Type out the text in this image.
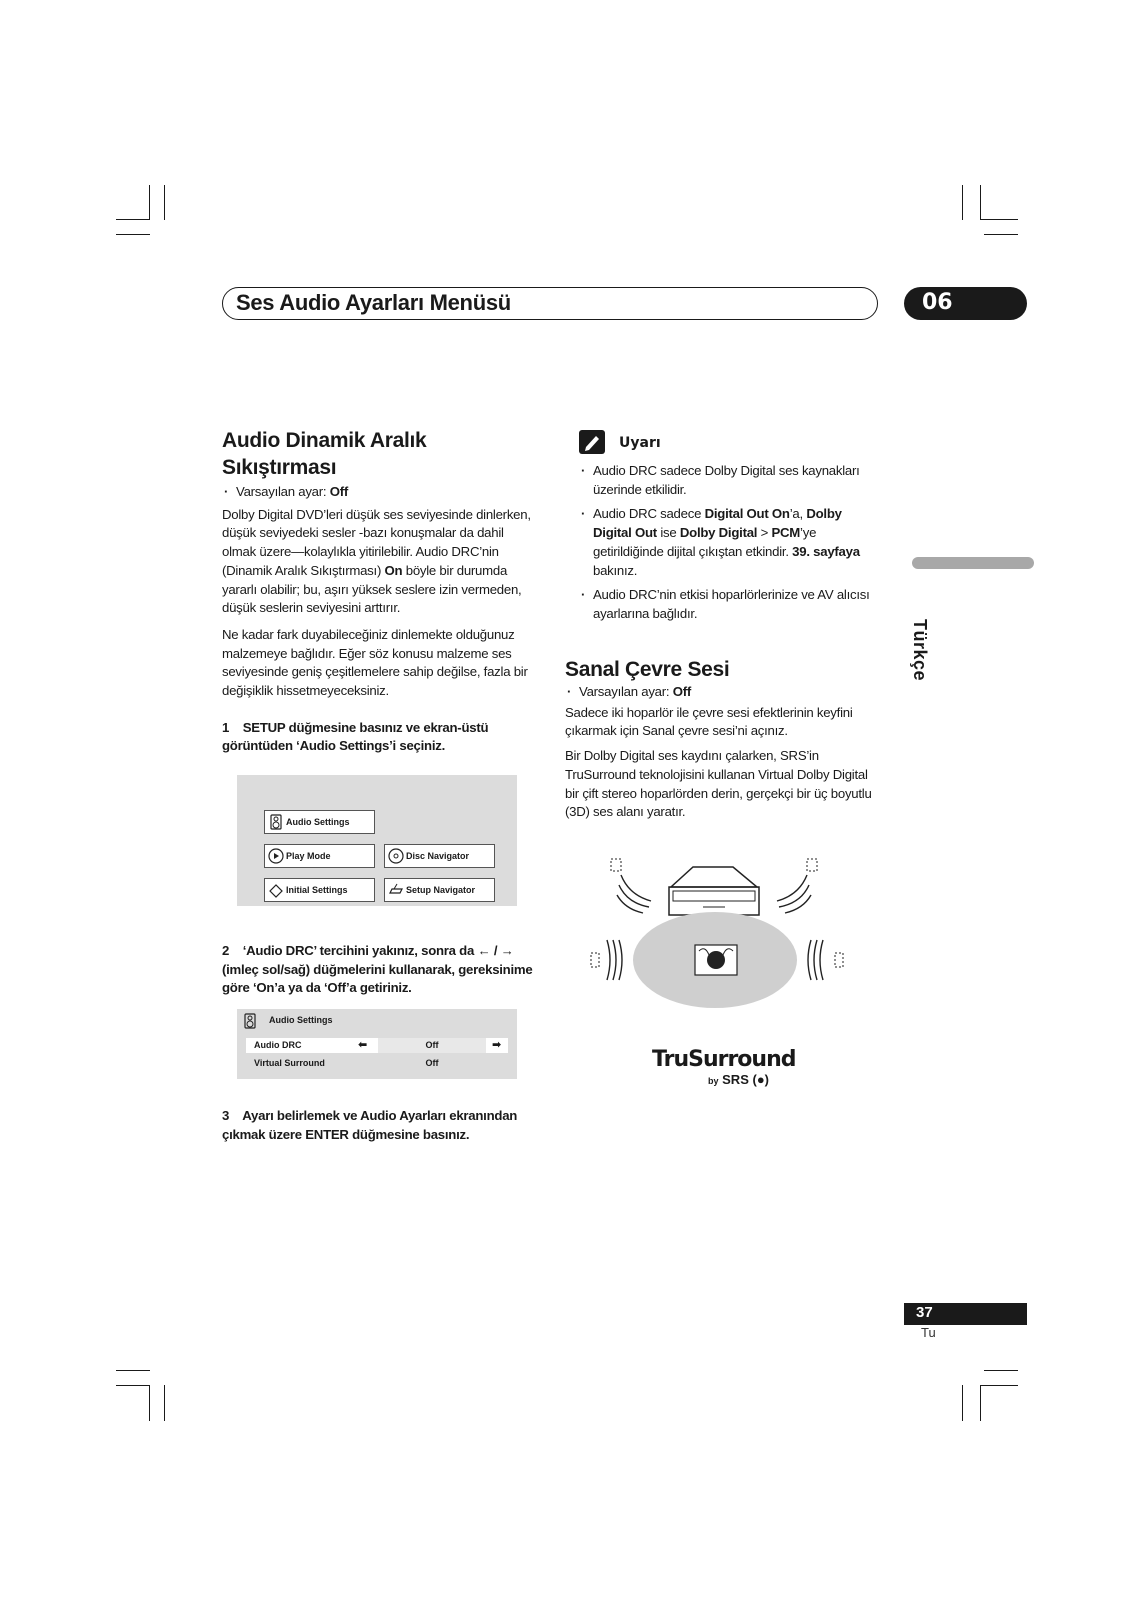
Ses Audio Ayarları Menüsü	06
Türkçe
Audio Dinamik Aralık
Sıkıştırması

· Varsayılan ayar: Off

Dolby Digital DVD’leri düşük ses seviyesinde dinlerken, düşük seviyedeki sesler -bazı konuşmalar da dahil olmak üzere—kolaylıkla yitirilebilir. Audio DRC’nin (Dinamik Aralık Sıkıştırması) On böyle bir durumda yararlı olabilir; bu, aşırı yüksek seslere izin vermeden, düşük seslerin seviyesini arttırır.

Ne kadar fark duyabileceğiniz dinlemekte olduğunuz malzemeye bağlıdır. Eğer söz konusu malzeme ses seviyesinde geniş çeşitlemelere sahip değilse, fazla bir değişiklik hissetmeyeceksiniz.

1    SETUP düğmesine basınız ve ekran-üstü görüntüden ‘Audio Settings’i seçiniz.

Audio Settings
Play Mode	Disc Navigator
Initial Settings	Setup Navigator

2    ‘Audio DRC’ tercihini yakınız, sonra da ← / → (imleç sol/sağ) düğmelerini kullanarak, gereksinime göre ‘On’a ya da ‘Off’a getiriniz.

Audio Settings
Audio DRC	⬅	Off	➡
Virtual Surround	Off

3    Ayarı belirlemek ve Audio Ayarları ekranından çıkmak üzere ENTER düğmesine basınız.

Uyarı

· Audio DRC sadece Dolby Digital ses kaynakları üzerinde etkilidir.

· Audio DRC sadece Digital Out On’a, Dolby Digital Out ise Dolby Digital > PCM’ye getirildiğinde dijital çıkıştan etkindir. 39. sayfaya bakınız.

· Audio DRC’nin etkisi hoparlörlerinize ve AV alıcısı ayarlarına bağlıdır.

Sanal Çevre Sesi

· Varsayılan ayar: Off

Sadece iki hoparlör ile çevre sesi efektlerinin keyfini çıkarmak için Sanal çevre sesi’ni açınız.

Bir Dolby Digital ses kaydını çalarken, SRS’in TruSurround teknolojisini kullanan Virtual Dolby Digital bir çift stereo hoparlörden derin, gerçekçi bir üç boyutlu (3D) ses alanı yaratır.

TruSurround
by SRS (●)
37
Tu
